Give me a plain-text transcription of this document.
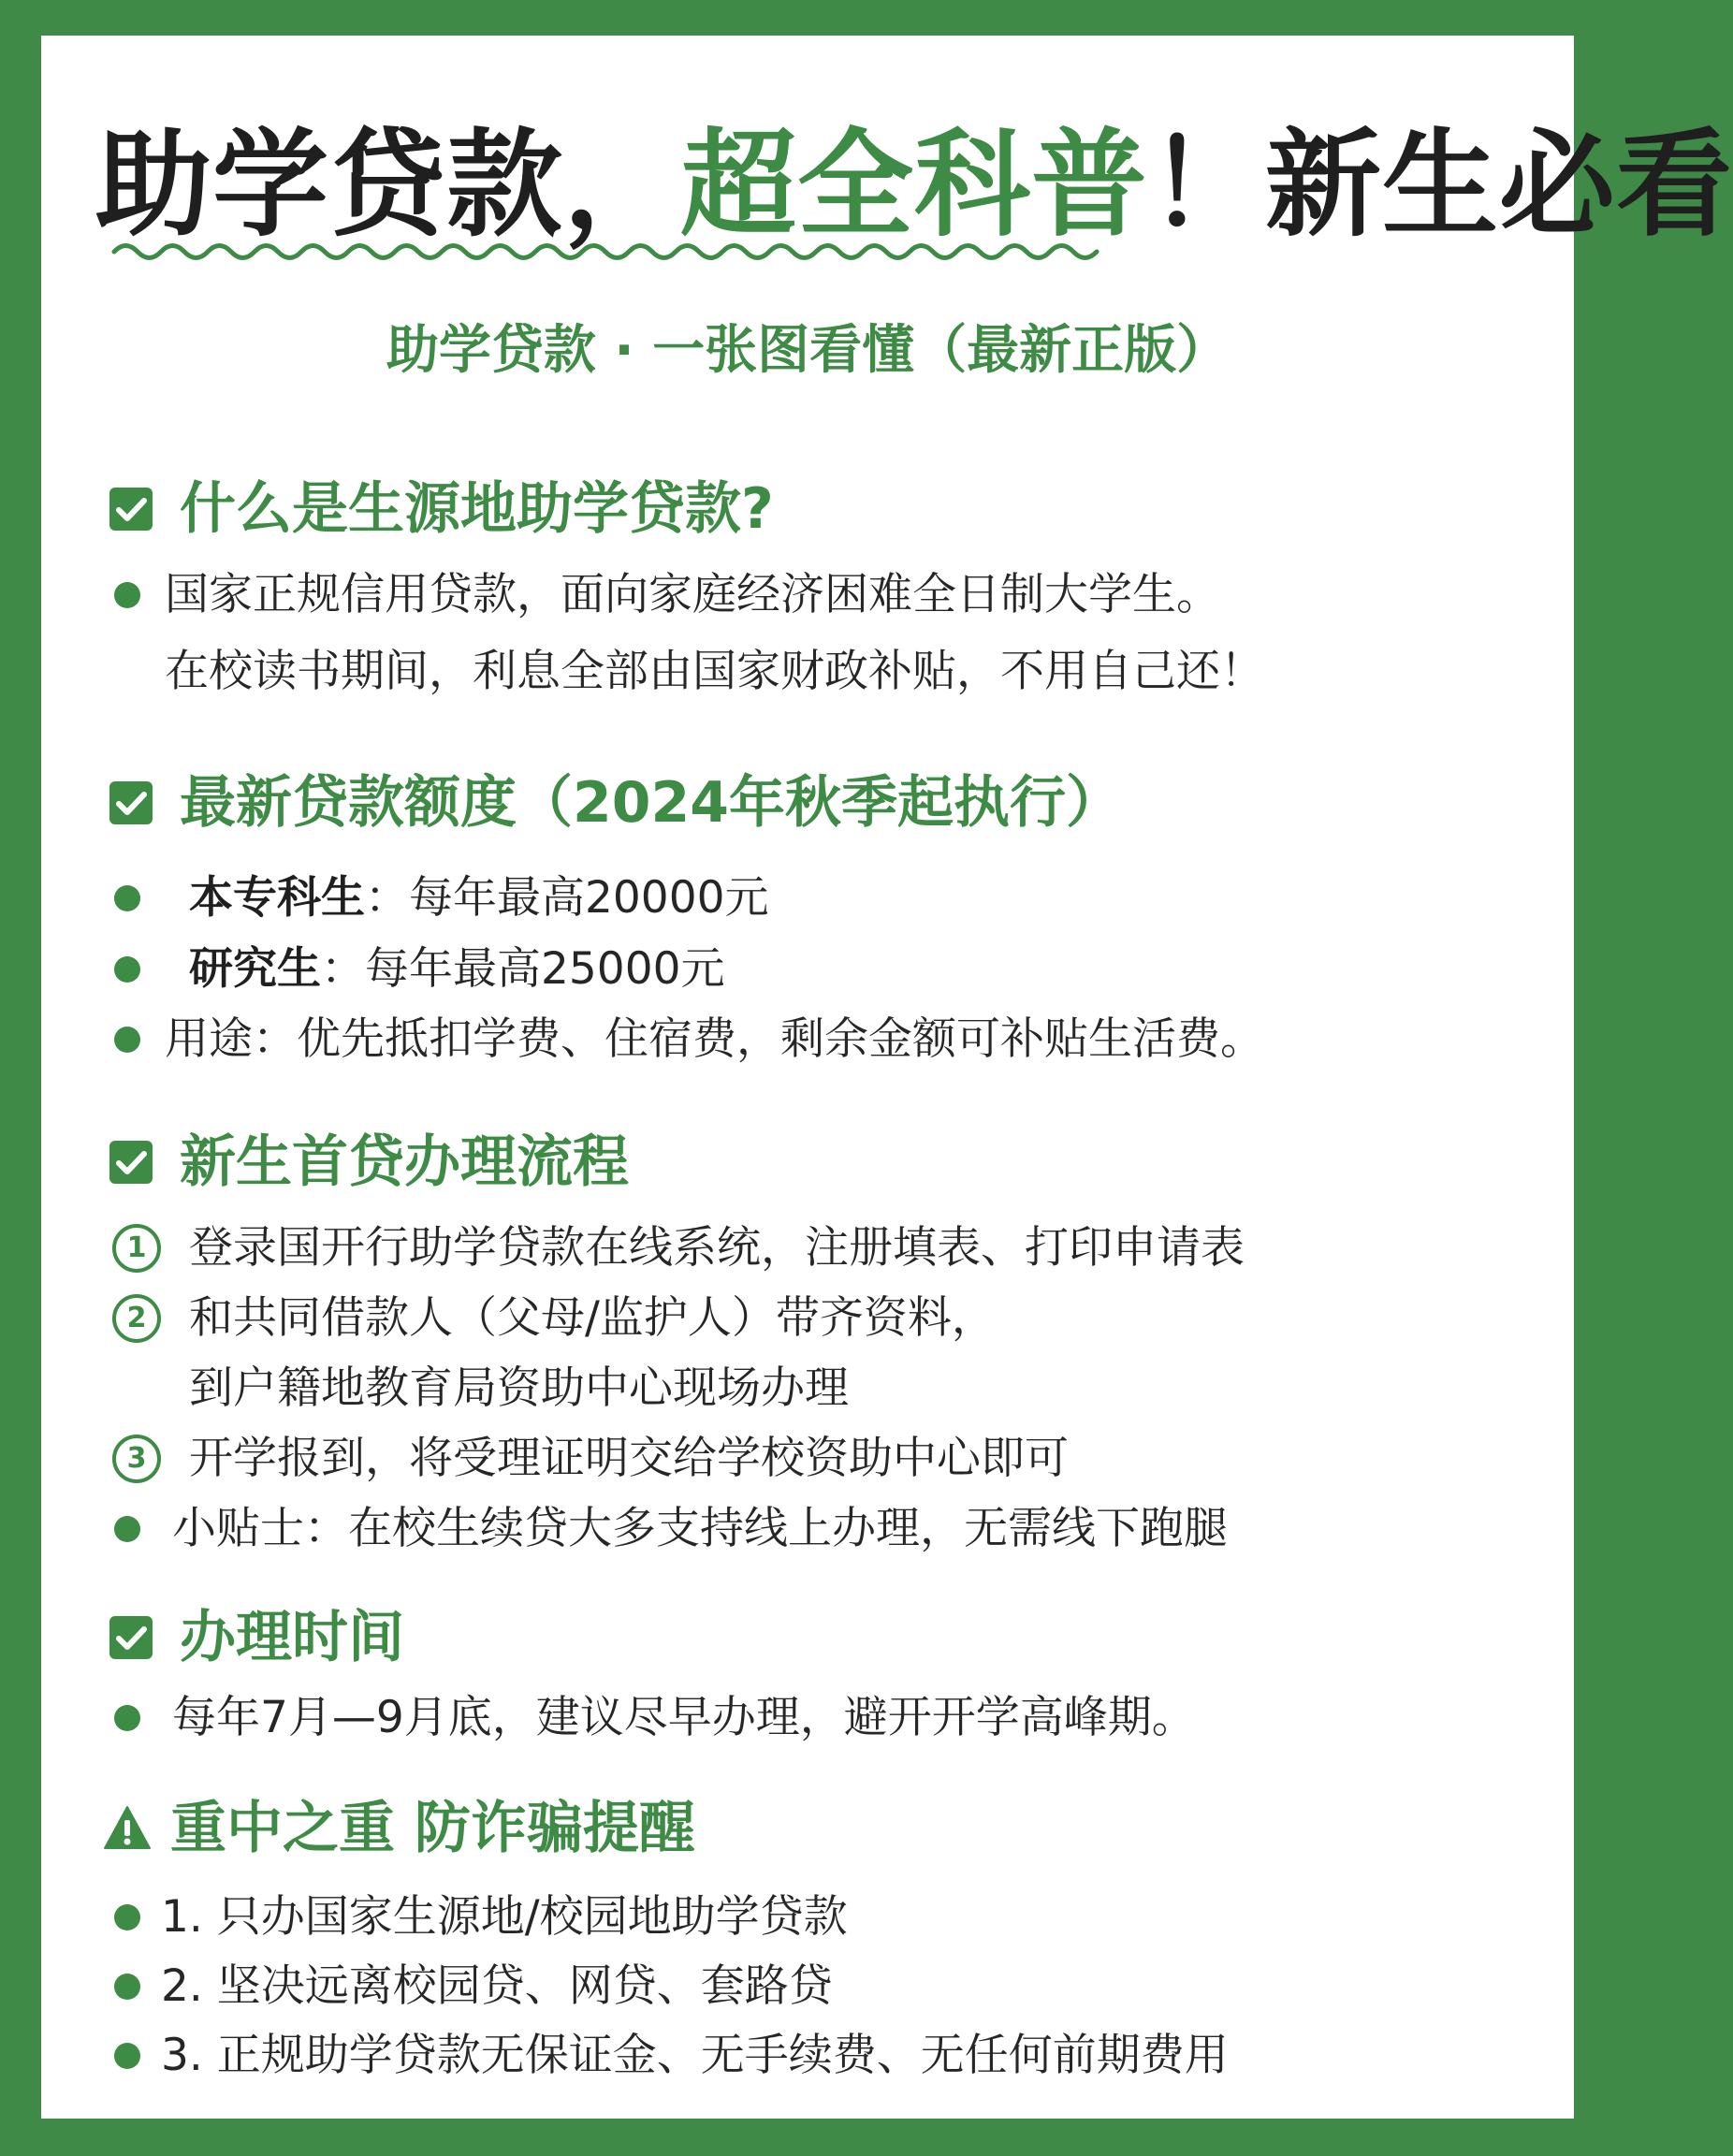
助学贷款，超全科普！新生必看
助学贷款 · 一张图看懂（最新正版）
什么是生源地助学贷款?
国家正规信用贷款，面向家庭经济困难全日制大学生。
在校读书期间，利息全部由国家财政补贴，不用自己还！
最新贷款额度（2024年秋季起执行）
本专科生 ：每年最高20000元
研究生 ：每年最高25000元
用途：优先抵扣学费、住宿费，剩余金额可补贴生活费。
新生首贷办理流程
1 登录国开行助学贷款在线系统，注册填表、打印申请表
2 和共同借款人（父母/监护人）带齐资料，
到户籍地教育局资助中心现场办理
3 开学报到，将受理证明交给学校资助中心即可
小贴士：在校生续贷大多支持线上办理，无需线下跑腿
办理时间
每年7月—9月底，建议尽早办理，避开开学高峰期。
重中之重 防诈骗提醒
1. 只办国家生源地/校园地助学贷款
2. 坚决远离校园贷、网贷、套路贷
3. 正规助学贷款无保证金、无手续费、无任何前期费用
